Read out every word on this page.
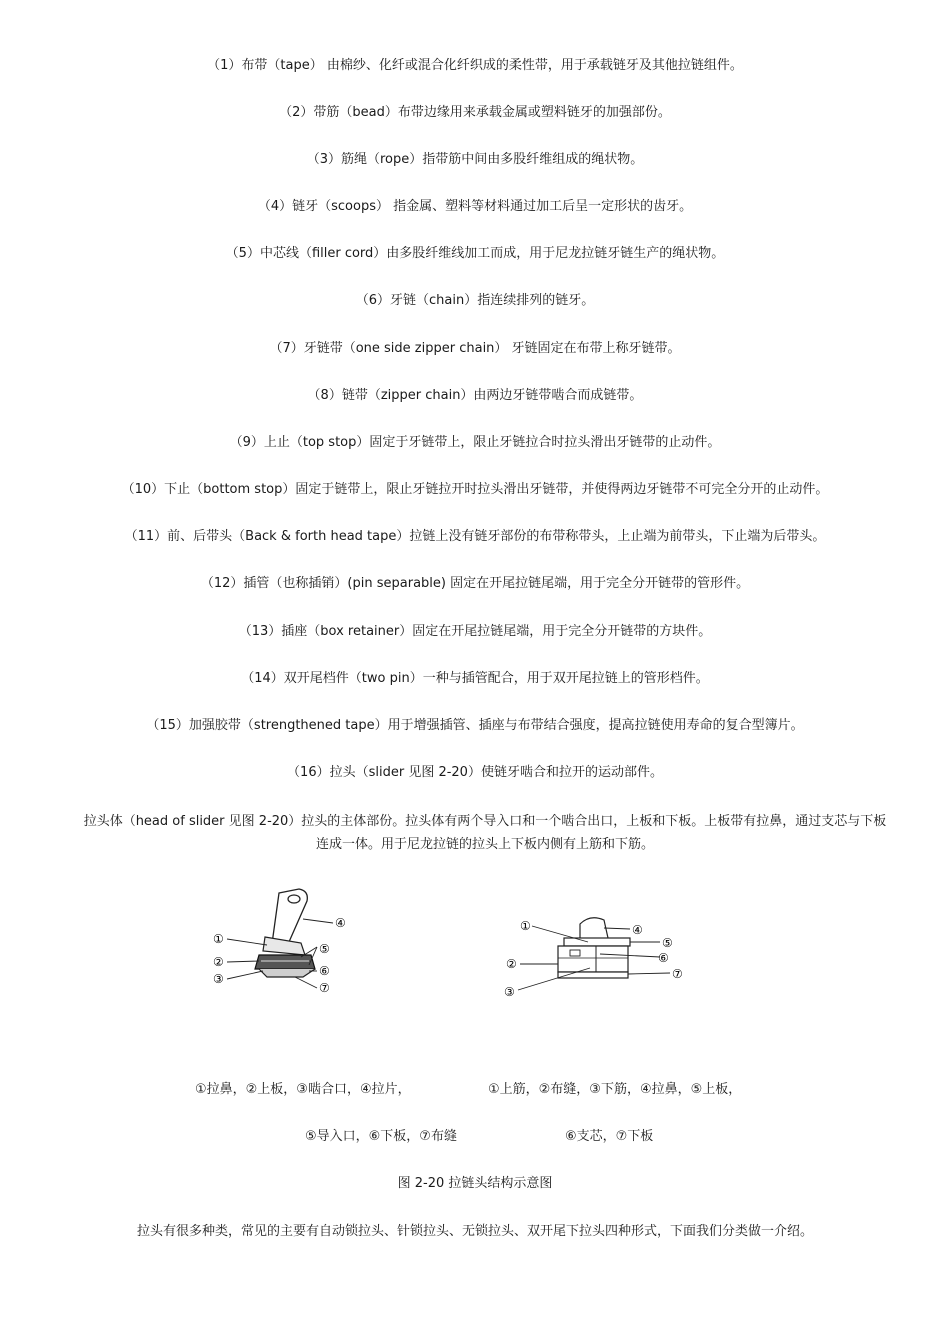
（1）布带（tape） 由棉纱、化纤或混合化纤织成的柔性带，用于承载链牙及其他拉链组件。
（2）带筋（bead）布带边缘用来承载金属或塑料链牙的加强部份。
（3）筋绳（rope）指带筋中间由多股纤维组成的绳状物。
（4）链牙（scoops） 指金属、塑料等材料通过加工后呈一定形状的齿牙。
（5）中芯线（filler cord）由多股纤维线加工而成，用于尼龙拉链牙链生产的绳状物。
（6）牙链（chain）指连续排列的链牙。
（7）牙链带（one side zipper chain） 牙链固定在布带上称牙链带。
（8）链带（zipper chain）由两边牙链带啮合而成链带。
（9）上止（top stop）固定于牙链带上，限止牙链拉合时拉头滑出牙链带的止动件。
（10）下止（bottom stop）固定于链带上，限止牙链拉开时拉头滑出牙链带，并使得两边牙链带不可完全分开的止动件。
（11）前、后带头（Back & forth head tape）拉链上没有链牙部份的布带称带头，上止端为前带头，下止端为后带头。
（12）插管（也称插销）(pin separable) 固定在开尾拉链尾端，用于完全分开链带的管形件。
（13）插座（box retainer）固定在开尾拉链尾端，用于完全分开链带的方块件。
（14）双开尾档件（two pin）一种与插管配合，用于双开尾拉链上的管形档件。
（15）加强胶带（strengthened tape）用于增强插管、插座与布带结合强度，提高拉链使用寿命的复合型簿片。
（16）拉头（slider 见图 2-20）使链牙啮合和拉开的运动部件。
拉头体（head of slider 见图 2-20）拉头的主体部份。拉头体有两个导入口和一个啮合出口，上板和下板。上板带有拉鼻，通过支芯与下板连成一体。用于尼龙拉链的拉头上下板内侧有上筋和下筋。
①
②
③
④
⑤
⑥
⑦
①
②
③
④
⑤
⑥
⑦
①拉鼻，②上板，③啮合口，④拉片，	①上筋，②布缝，③下筋，④拉鼻，⑤上板，
⑤导入口，⑥下板，⑦布缝	⑥支芯，⑦下板
图 2-20 拉链头结构示意图
拉头有很多种类，常见的主要有自动锁拉头、针锁拉头、无锁拉头、双开尾下拉头四种形式，下面我们分类做一介绍。
